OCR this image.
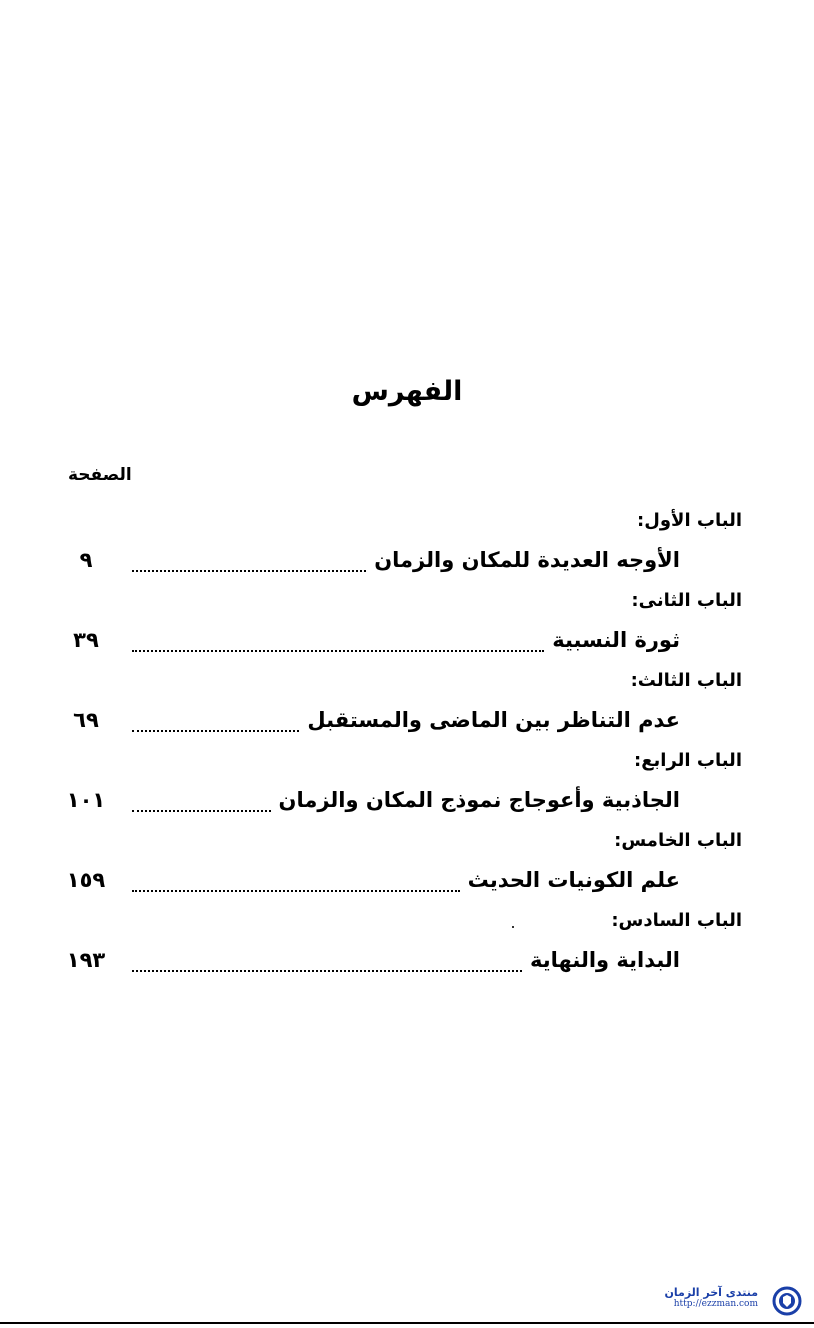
الفهرس
الصفحة
الباب الأول:
الأوجه العديدة للمكان والزمان
٩
الباب الثانى:
ثورة النسبية
٣٩
الباب الثالث:
عدم التناظر بين الماضى والمستقبل
٦٩
الباب الرابع:
الجاذبية وأعوجاج نموذج المكان والزمان
١٠١
الباب الخامس:
علم الكونيات الحديث
١٥٩
الباب السادس:
البداية والنهاية
١٩٣
منتدى آخر الزمان
http://ezzman.com
